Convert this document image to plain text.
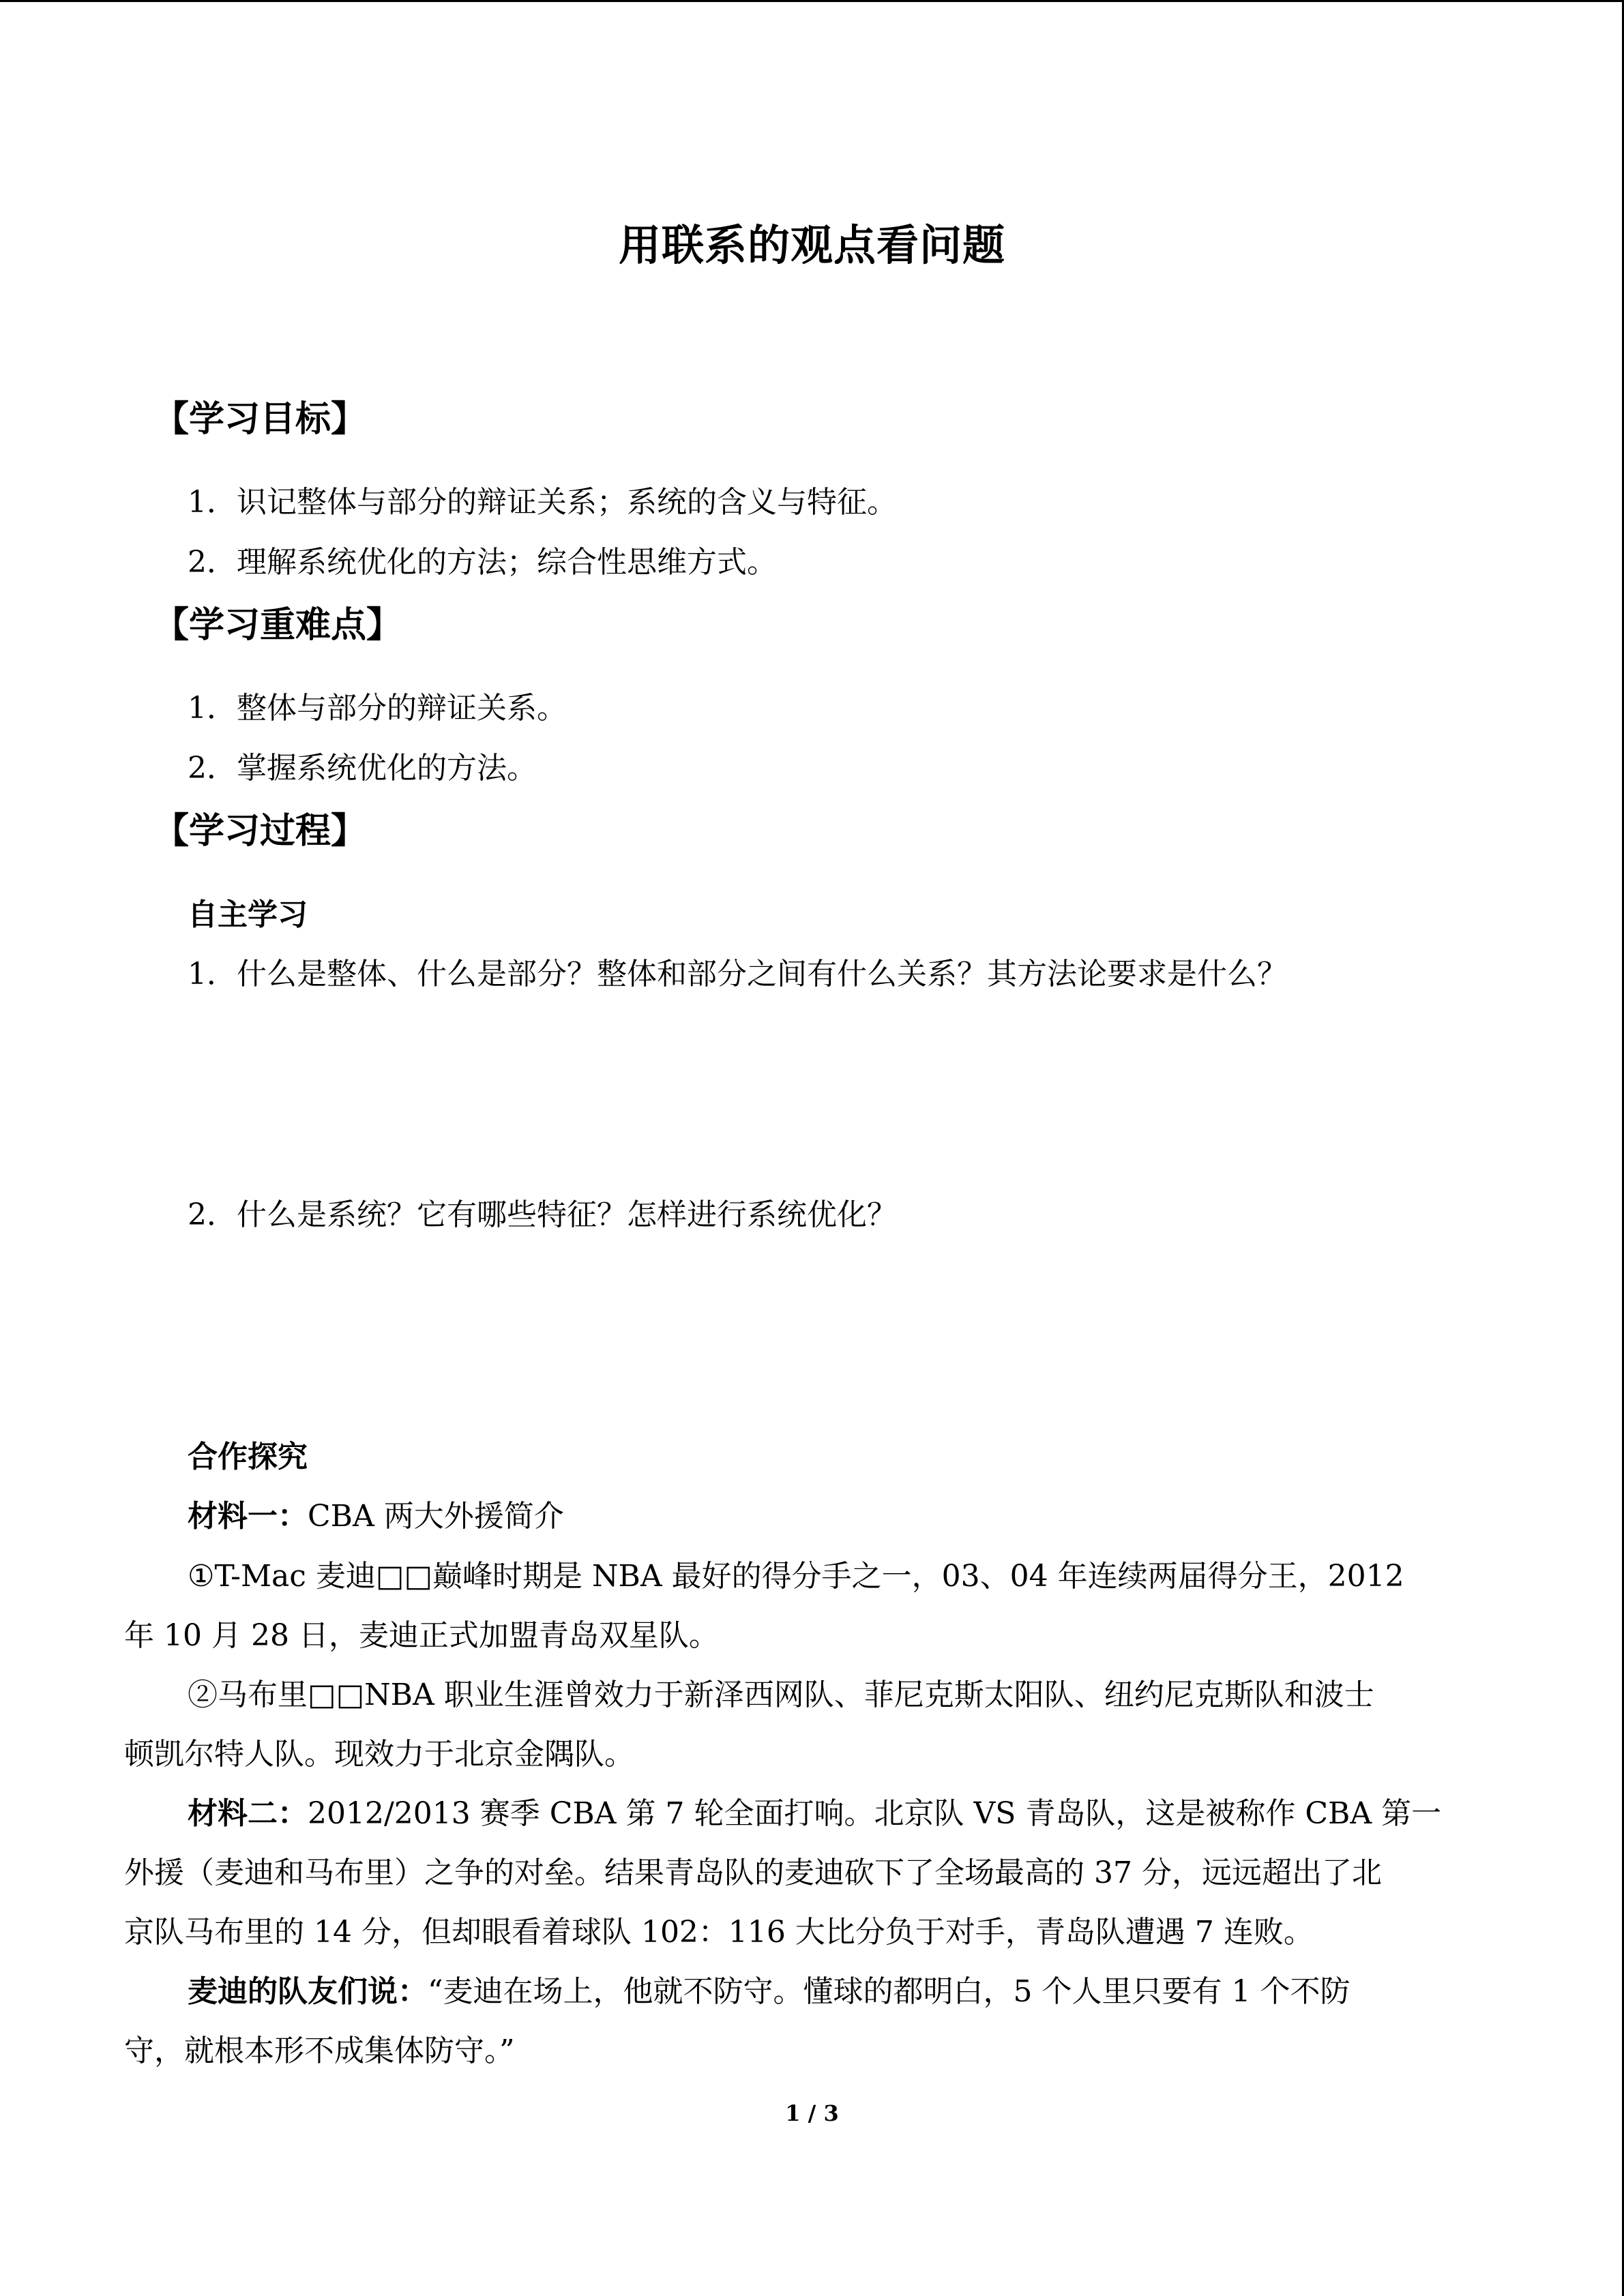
用联系的观点看问题
【学习目标】
1．识记整体与部分的辩证关系；系统的含义与特征。
2．理解系统优化的方法；综合性思维方式。
【学习重难点】
1．整体与部分的辩证关系。
2．掌握系统优化的方法。
【学习过程】
自主学习
1．什么是整体、什么是部分？整体和部分之间有什么关系？其方法论要求是什么？
2．什么是系统？它有哪些特征？怎样进行系统优化？
合作探究
材料一：CBA 两大外援简介
①T-Mac 麦迪□□巅峰时期是 NBA 最好的得分手之一，03、04 年连续两届得分王，2012
年 10 月 28 日，麦迪正式加盟青岛双星队。
②马布里□□NBA 职业生涯曾效力于新泽西网队、菲尼克斯太阳队、纽约尼克斯队和波士
顿凯尔特人队。现效力于北京金隅队。
材料二：2012/2013 赛季 CBA 第 7 轮全面打响。北京队 VS 青岛队，这是被称作 CBA 第一
外援（麦迪和马布里）之争的对垒。结果青岛队的麦迪砍下了全场最高的 37 分，远远超出了北
京队马布里的 14 分，但却眼看着球队 102：116 大比分负于对手，青岛队遭遇 7 连败。
麦迪的队友们说：“麦迪在场上，他就不防守。懂球的都明白，5 个人里只要有 1 个不防
守，就根本形不成集体防守。”
1 / 3
